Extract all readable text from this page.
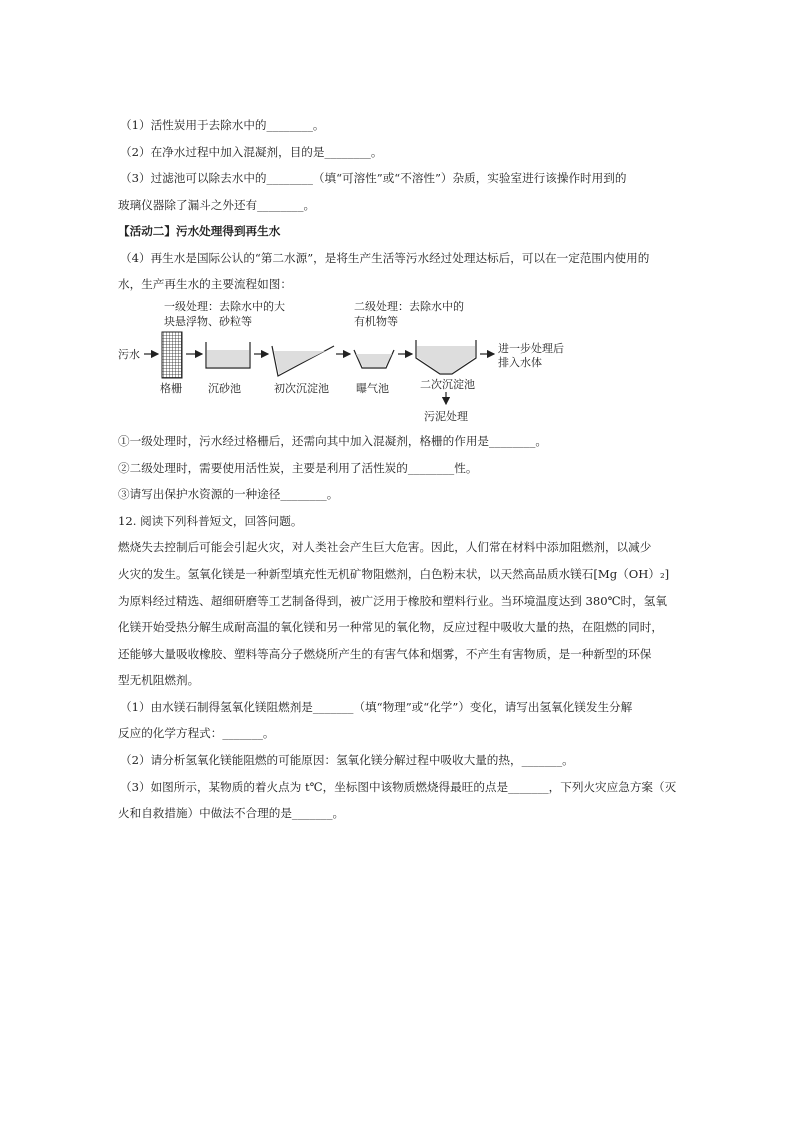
（1）活性炭用于去除水中的________。
（2）在净水过程中加入混凝剂，目的是________。
（3）过滤池可以除去水中的________（填“可溶性”或“不溶性”）杂质，实验室进行该操作时用到的
玻璃仪器除了漏斗之外还有________。
【活动二】污水处理得到再生水
（4）再生水是国际公认的“第二水源”，是将生产生活等污水经过处理达标后，可以在一定范围内使用的
水，生产再生水的主要流程如图：
一级处理：去除水中的大
块悬浮物、砂粒等
二级处理：去除水中的
有机物等
污水
格栅 沉砂池	初次沉淀池 曝气池	二次沉淀池
进一步处理后
排入水体
污泥处理
①一级处理时，污水经过格栅后，还需向其中加入混凝剂，格栅的作用是________。
②二级处理时，需要使用活性炭，主要是利用了活性炭的________性。
③请写出保护水资源的一种途径________。
12. 阅读下列科普短文，回答问题。
燃烧失去控制后可能会引起火灾，对人类社会产生巨大危害。因此，人们常在材料中添加阻燃剂，以减少
火灾的发生。氢氧化镁是一种新型填充性无机矿物阻燃剂，白色粉末状，以天然高品质水镁石[Mg（OH）₂]
为原料经过精选、超细研磨等工艺制备得到，被广泛用于橡胶和塑料行业。当环境温度达到 380℃时，氢氧
化镁开始受热分解生成耐高温的氧化镁和另一种常见的氧化物，反应过程中吸收大量的热，在阻燃的同时，
还能够大量吸收橡胶、塑料等高分子燃烧所产生的有害气体和烟雾，不产生有害物质，是一种新型的环保
型无机阻燃剂。
（1）由水镁石制得氢氧化镁阻燃剂是_______（填“物理”或“化学”）变化，请写出氢氧化镁发生分解
反应的化学方程式：_______。
（2）请分析氢氧化镁能阻燃的可能原因：氢氧化镁分解过程中吸收大量的热，_______。
（3）如图所示，某物质的着火点为 t℃，坐标图中该物质燃烧得最旺的点是_______，下列火灾应急方案（灭
火和自救措施）中做法不合理的是_______。
